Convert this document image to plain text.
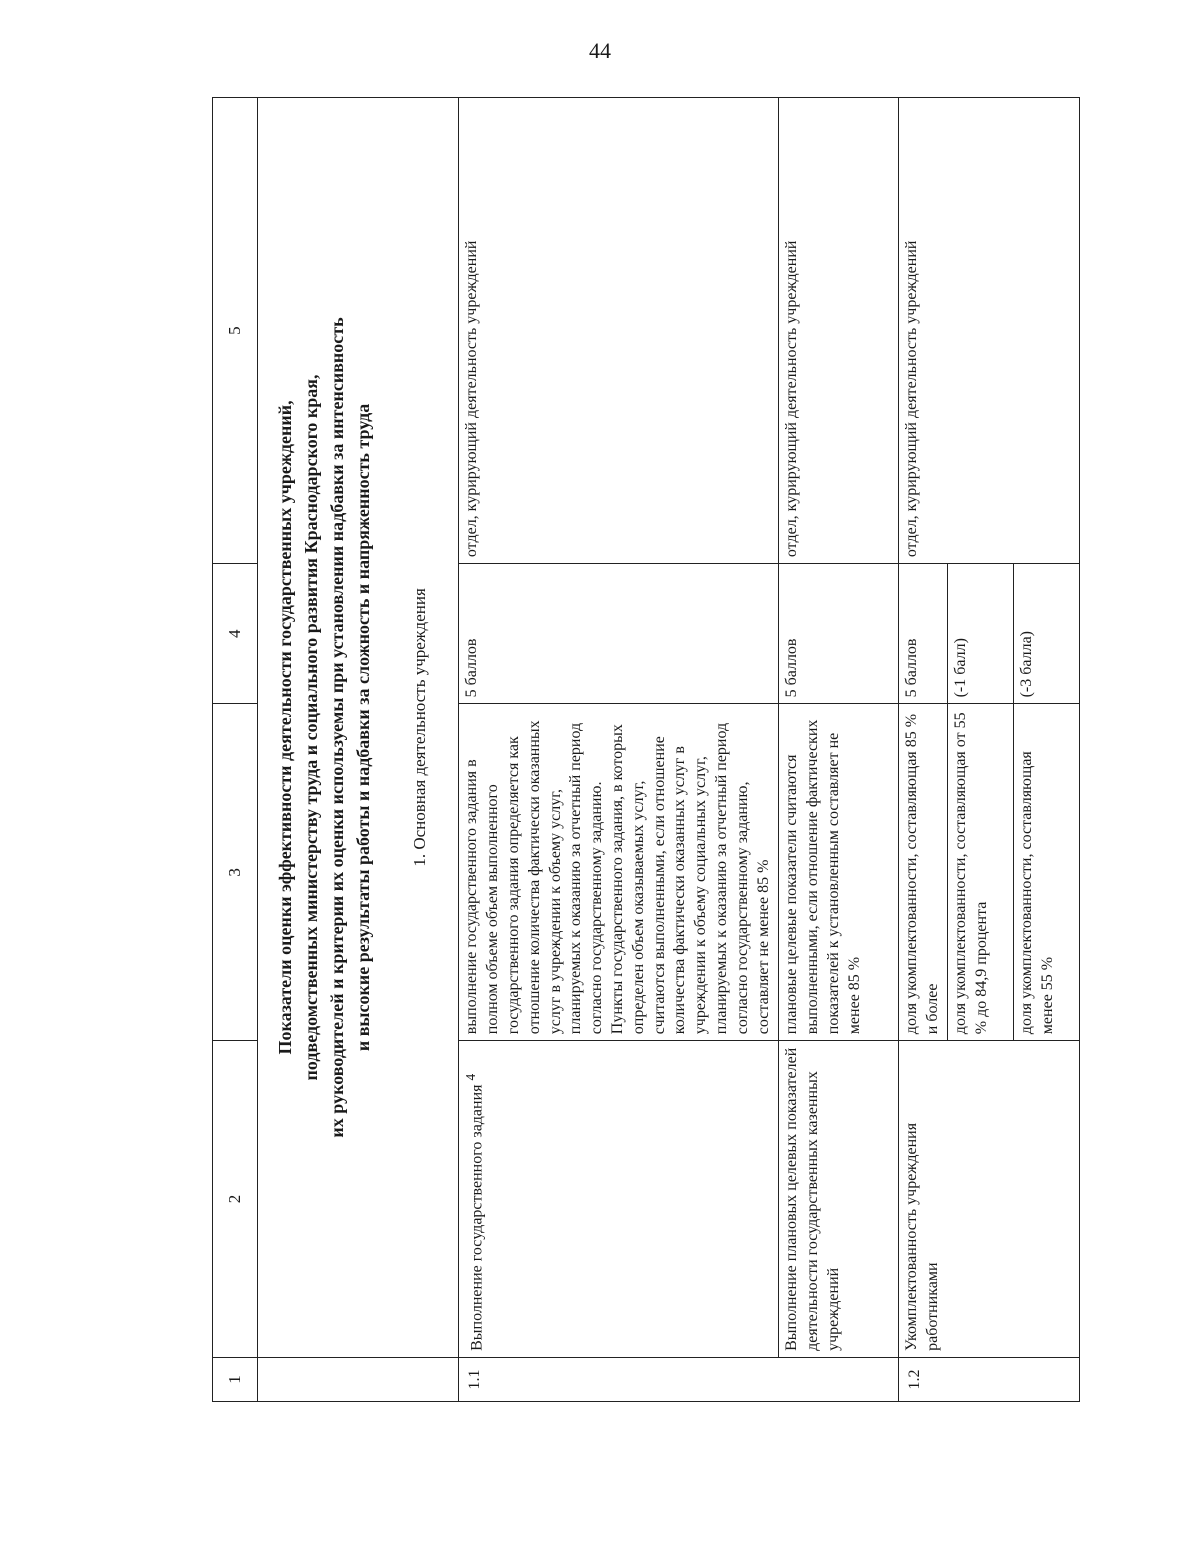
44
1	2	3	4	5

	Показатели оценки эффективности деятельности государственных учреждений, подведомственных министерству труда и социального развития Краснодарского края, их руководителей и критерии их оценки используемы при установлении надбавки за интенсивность и высокие результаты работы и надбавки за сложность и напряженность труда			

	1. Основная деятельность учреждения			
1.1	Выполнение государственного задания $^4$	выполнение государственного задания в полном объеме объем выполненного государственного задания определяется как отношение количества фактически оказанных услуг в учреждении к объему услуг, планируемых к оказанию за отчетный период согласно государственному заданию.
Пункты государственного задания, в которых определен объем оказываемых услуг, считаются выполненными, если отношение количества фактически оказанных услуг в учреждении к объему социальных услуг, планируемых к оказанию за отчетный период согласно государственному заданию, составляет не менее 85 %	5 баллов	отдел, курирующий деятельность учреждений
	Выполнение плановых целевых показателей деятельности государственных казенных учреждений	плановые целевые показатели считаются выполненными, если отношение фактических показателей к установленным составляет не менее 85 %	5 баллов	отдел, курирующий деятельность учреждений
1.2	Укомплектованность учреждения работниками	доля укомплектованности, составляющая 85 % и более	5 баллов	отдел, курирующий деятельность учреждений
		доля укомплектованности, составляющая от 55 % до 84,9 процента	(-1 балл)	
		доля укомплектованности, составляющая менее 55 %	(-3 балла)	
